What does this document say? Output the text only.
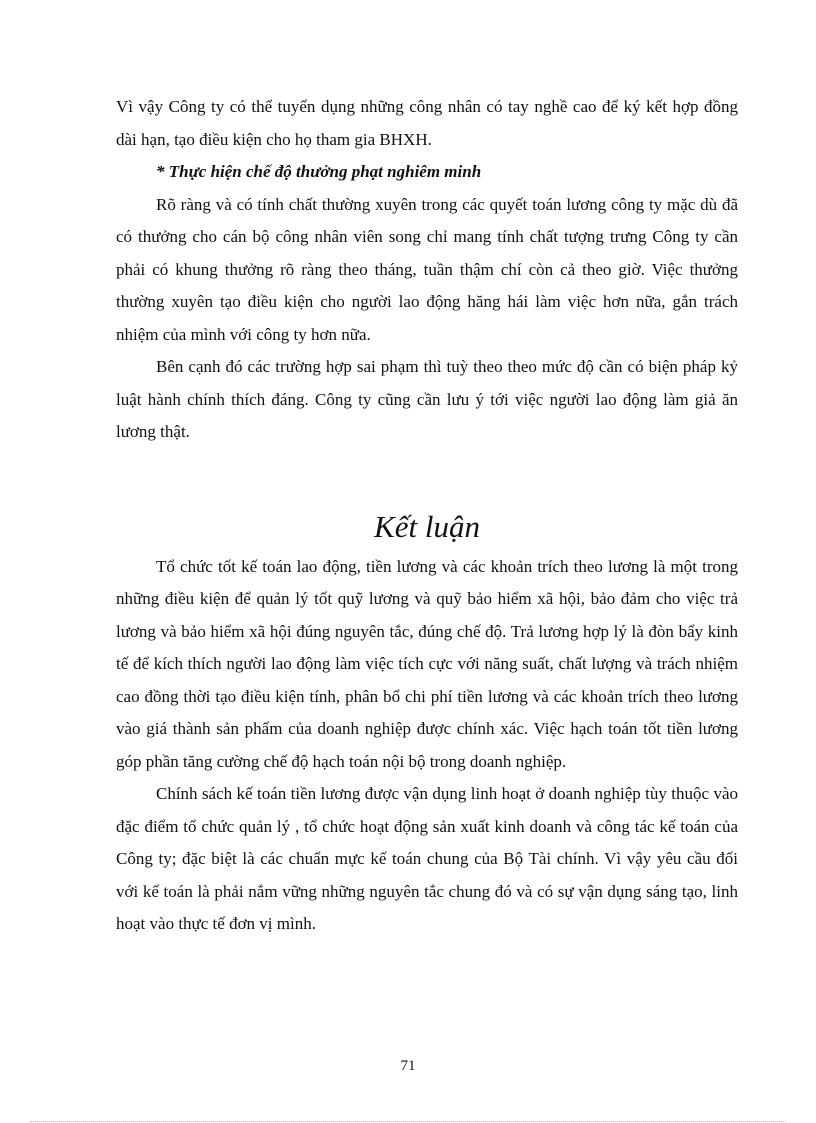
Vì vậy Công ty có thể tuyển dụng những công nhân có tay nghề cao để ký kết hợp đồng dài hạn, tạo điều kiện cho họ tham gia BHXH.

* Thực hiện chế độ thưởng phạt nghiêm minh

Rõ ràng và có tính chất thường xuyên trong các quyết toán lương công ty mặc dù đã có thưởng cho cán bộ công nhân viên song chỉ mang tính chất tượng trưng Công ty cần phải có khung thưởng rõ ràng theo tháng, tuần thậm chí còn cả theo giờ. Việc thưởng thường xuyên tạo điều kiện cho người lao động hăng hái làm việc hơn nữa, gắn trách nhiệm của mình với công ty hơn nữa.

Bên cạnh đó các trường hợp sai phạm thì tuỳ theo theo mức độ cần có biện pháp kỷ luật hành chính thích đáng. Công ty cũng cần lưu ý tới việc người lao động làm giả ăn lương thật.

Kết luận

Tổ chức tốt kế toán lao động, tiền lương và các khoản trích theo lương là một trong những điều kiện để quản lý tốt quỹ lương và quỹ bảo hiểm xã hội, bảo đảm cho việc trả lương và bảo hiểm xã hội đúng nguyên tắc, đúng chế độ. Trả lương hợp lý là đòn bẩy kinh tế để kích thích người lao động làm việc tích cực với năng suất, chất lượng và trách nhiệm cao đồng thời tạo điều kiện tính, phân bổ chi phí tiền lương và các khoản trích theo lương vào giá thành sản phẩm của doanh nghiệp được chính xác. Việc hạch toán tốt tiền lương góp phần tăng cường chế độ hạch toán nội bộ trong doanh nghiệp.

Chính sách kế toán tiền lương được vận dụng linh hoạt ở doanh nghiệp tùy thuộc vào đặc điểm tổ chức quản lý , tổ chức hoạt động sản xuất kinh doanh và công tác kế toán của Công ty; đặc biệt là các chuẩn mực kế toán chung của Bộ Tài chính. Vì vậy yêu cầu đối với kế toán là phải nắm vững những nguyên tắc chung đó và có sự vận dụng sáng tạo, linh hoạt vào thực tế đơn vị mình.

71
